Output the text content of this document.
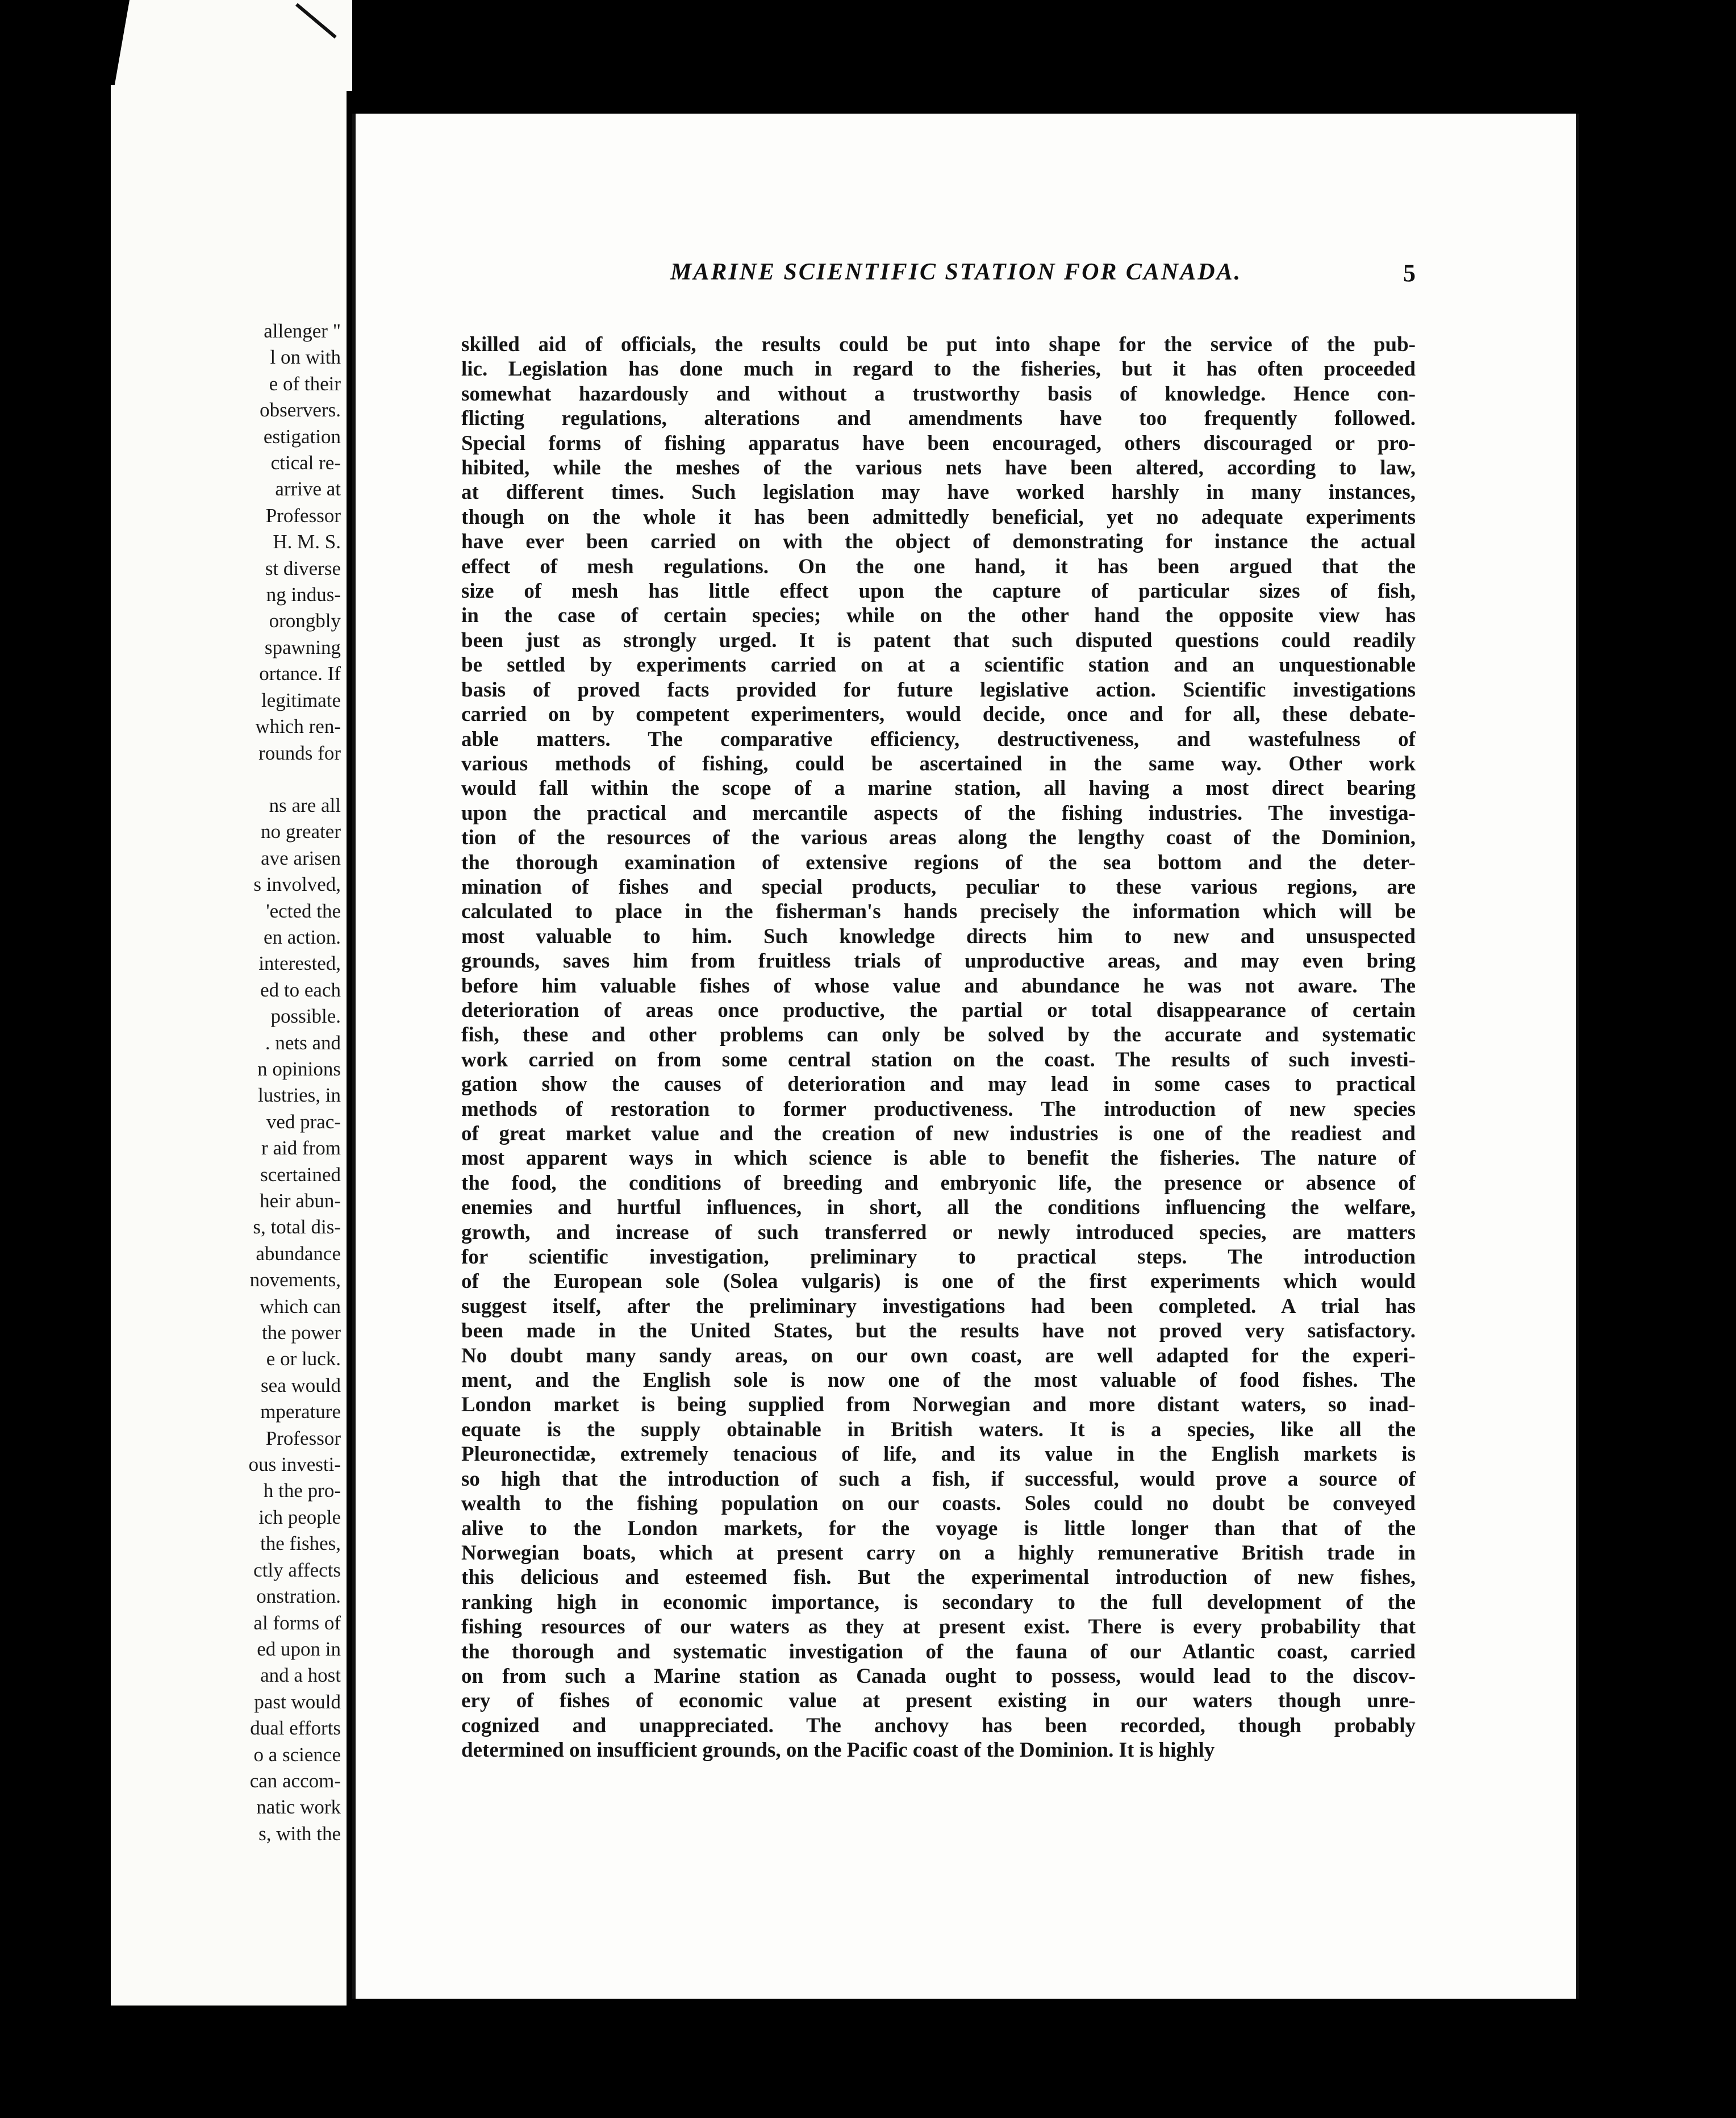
allenger "
l on with
e of their
observers.
estigation
ctical re-
arrive at
Professor
H. M. S.
st diverse
ng indus-
orongbly
spawning
ortance. If
legitimate
which ren-
rounds for
ns are all
no greater
ave arisen
s involved,
'ected the
en action.
interested,
ed to each
possible.
. nets and
n opinions
lustries, in
ved prac-
r aid from
scertained
heir abun-
s, total dis-
abundance
novements,
which can
the power
e or luck.
sea would
mperature
Professor
ous investi-
h the pro-
ich people
the fishes,
ctly affects
onstration.
al forms of
ed upon in
and a host
past would
dual efforts
o a science
can accom-
natic work
s, with the
MARINE SCIENTIFIC STATION FOR CANADA.	5
skilled aid of officials, the results could be put into shape for the service of the pub-
lic. Legislation has done much in regard to the fisheries, but it has often proceeded
somewhat hazardously and without a trustworthy basis of knowledge. Hence con-
flicting regulations, alterations and amendments have too frequently followed.
Special forms of fishing apparatus have been encouraged, others discouraged or pro-
hibited, while the meshes of the various nets have been altered, according to law,
at different times. Such legislation may have worked harshly in many instances,
though on the whole it has been admittedly beneficial, yet no adequate experiments
have ever been carried on with the object of demonstrating for instance the actual
effect of mesh regulations. On the one hand, it has been argued that the
size of mesh has little effect upon the capture of particular sizes of fish,
in the case of certain species; while on the other hand the opposite view has
been just as strongly urged. It is patent that such disputed questions could readily
be settled by experiments carried on at a scientific station and an unquestionable
basis of proved facts provided for future legislative action. Scientific investigations
carried on by competent experimenters, would decide, once and for all, these debate-
able matters. The comparative efficiency, destructiveness, and wastefulness of
various methods of fishing, could be ascertained in the same way. Other work
would fall within the scope of a marine station, all having a most direct bearing
upon the practical and mercantile aspects of the fishing industries. The investiga-
tion of the resources of the various areas along the lengthy coast of the Dominion,
the thorough examination of extensive regions of the sea bottom and the deter-
mination of fishes and special products, peculiar to these various regions, are
calculated to place in the fisherman's hands precisely the information which will be
most valuable to him. Such knowledge directs him to new and unsuspected
grounds, saves him from fruitless trials of unproductive areas, and may even bring
before him valuable fishes of whose value and abundance he was not aware. The
deterioration of areas once productive, the partial or total disappearance of certain
fish, these and other problems can only be solved by the accurate and systematic
work carried on from some central station on the coast. The results of such investi-
gation show the causes of deterioration and may lead in some cases to practical
methods of restoration to former productiveness. The introduction of new species
of great market value and the creation of new industries is one of the readiest and
most apparent ways in which science is able to benefit the fisheries. The nature of
the food, the conditions of breeding and embryonic life, the presence or absence of
enemies and hurtful influences, in short, all the conditions influencing the welfare,
growth, and increase of such transferred or newly introduced species, are matters
for scientific investigation, preliminary to practical steps. The introduction
of the European sole (Solea vulgaris) is one of the first experiments which would
suggest itself, after the preliminary investigations had been completed. A trial has
been made in the United States, but the results have not proved very satisfactory.
No doubt many sandy areas, on our own coast, are well adapted for the experi-
ment, and the English sole is now one of the most valuable of food fishes. The
London market is being supplied from Norwegian and more distant waters, so inad-
equate is the supply obtainable in British waters. It is a species, like all the
Pleuronectidæ, extremely tenacious of life, and its value in the English markets is
so high that the introduction of such a fish, if successful, would prove a source of
wealth to the fishing population on our coasts. Soles could no doubt be conveyed
alive to the London markets, for the voyage is little longer than that of the
Norwegian boats, which at present carry on a highly remunerative British trade in
this delicious and esteemed fish. But the experimental introduction of new fishes,
ranking high in economic importance, is secondary to the full development of the
fishing resources of our waters as they at present exist. There is every probability that
the thorough and systematic investigation of the fauna of our Atlantic coast, carried
on from such a Marine station as Canada ought to possess, would lead to the discov-
ery of fishes of economic value at present existing in our waters though unre-
cognized and unappreciated. The anchovy has been recorded, though probably
determined on insufficient grounds, on the Pacific coast of the Dominion. It is highly
